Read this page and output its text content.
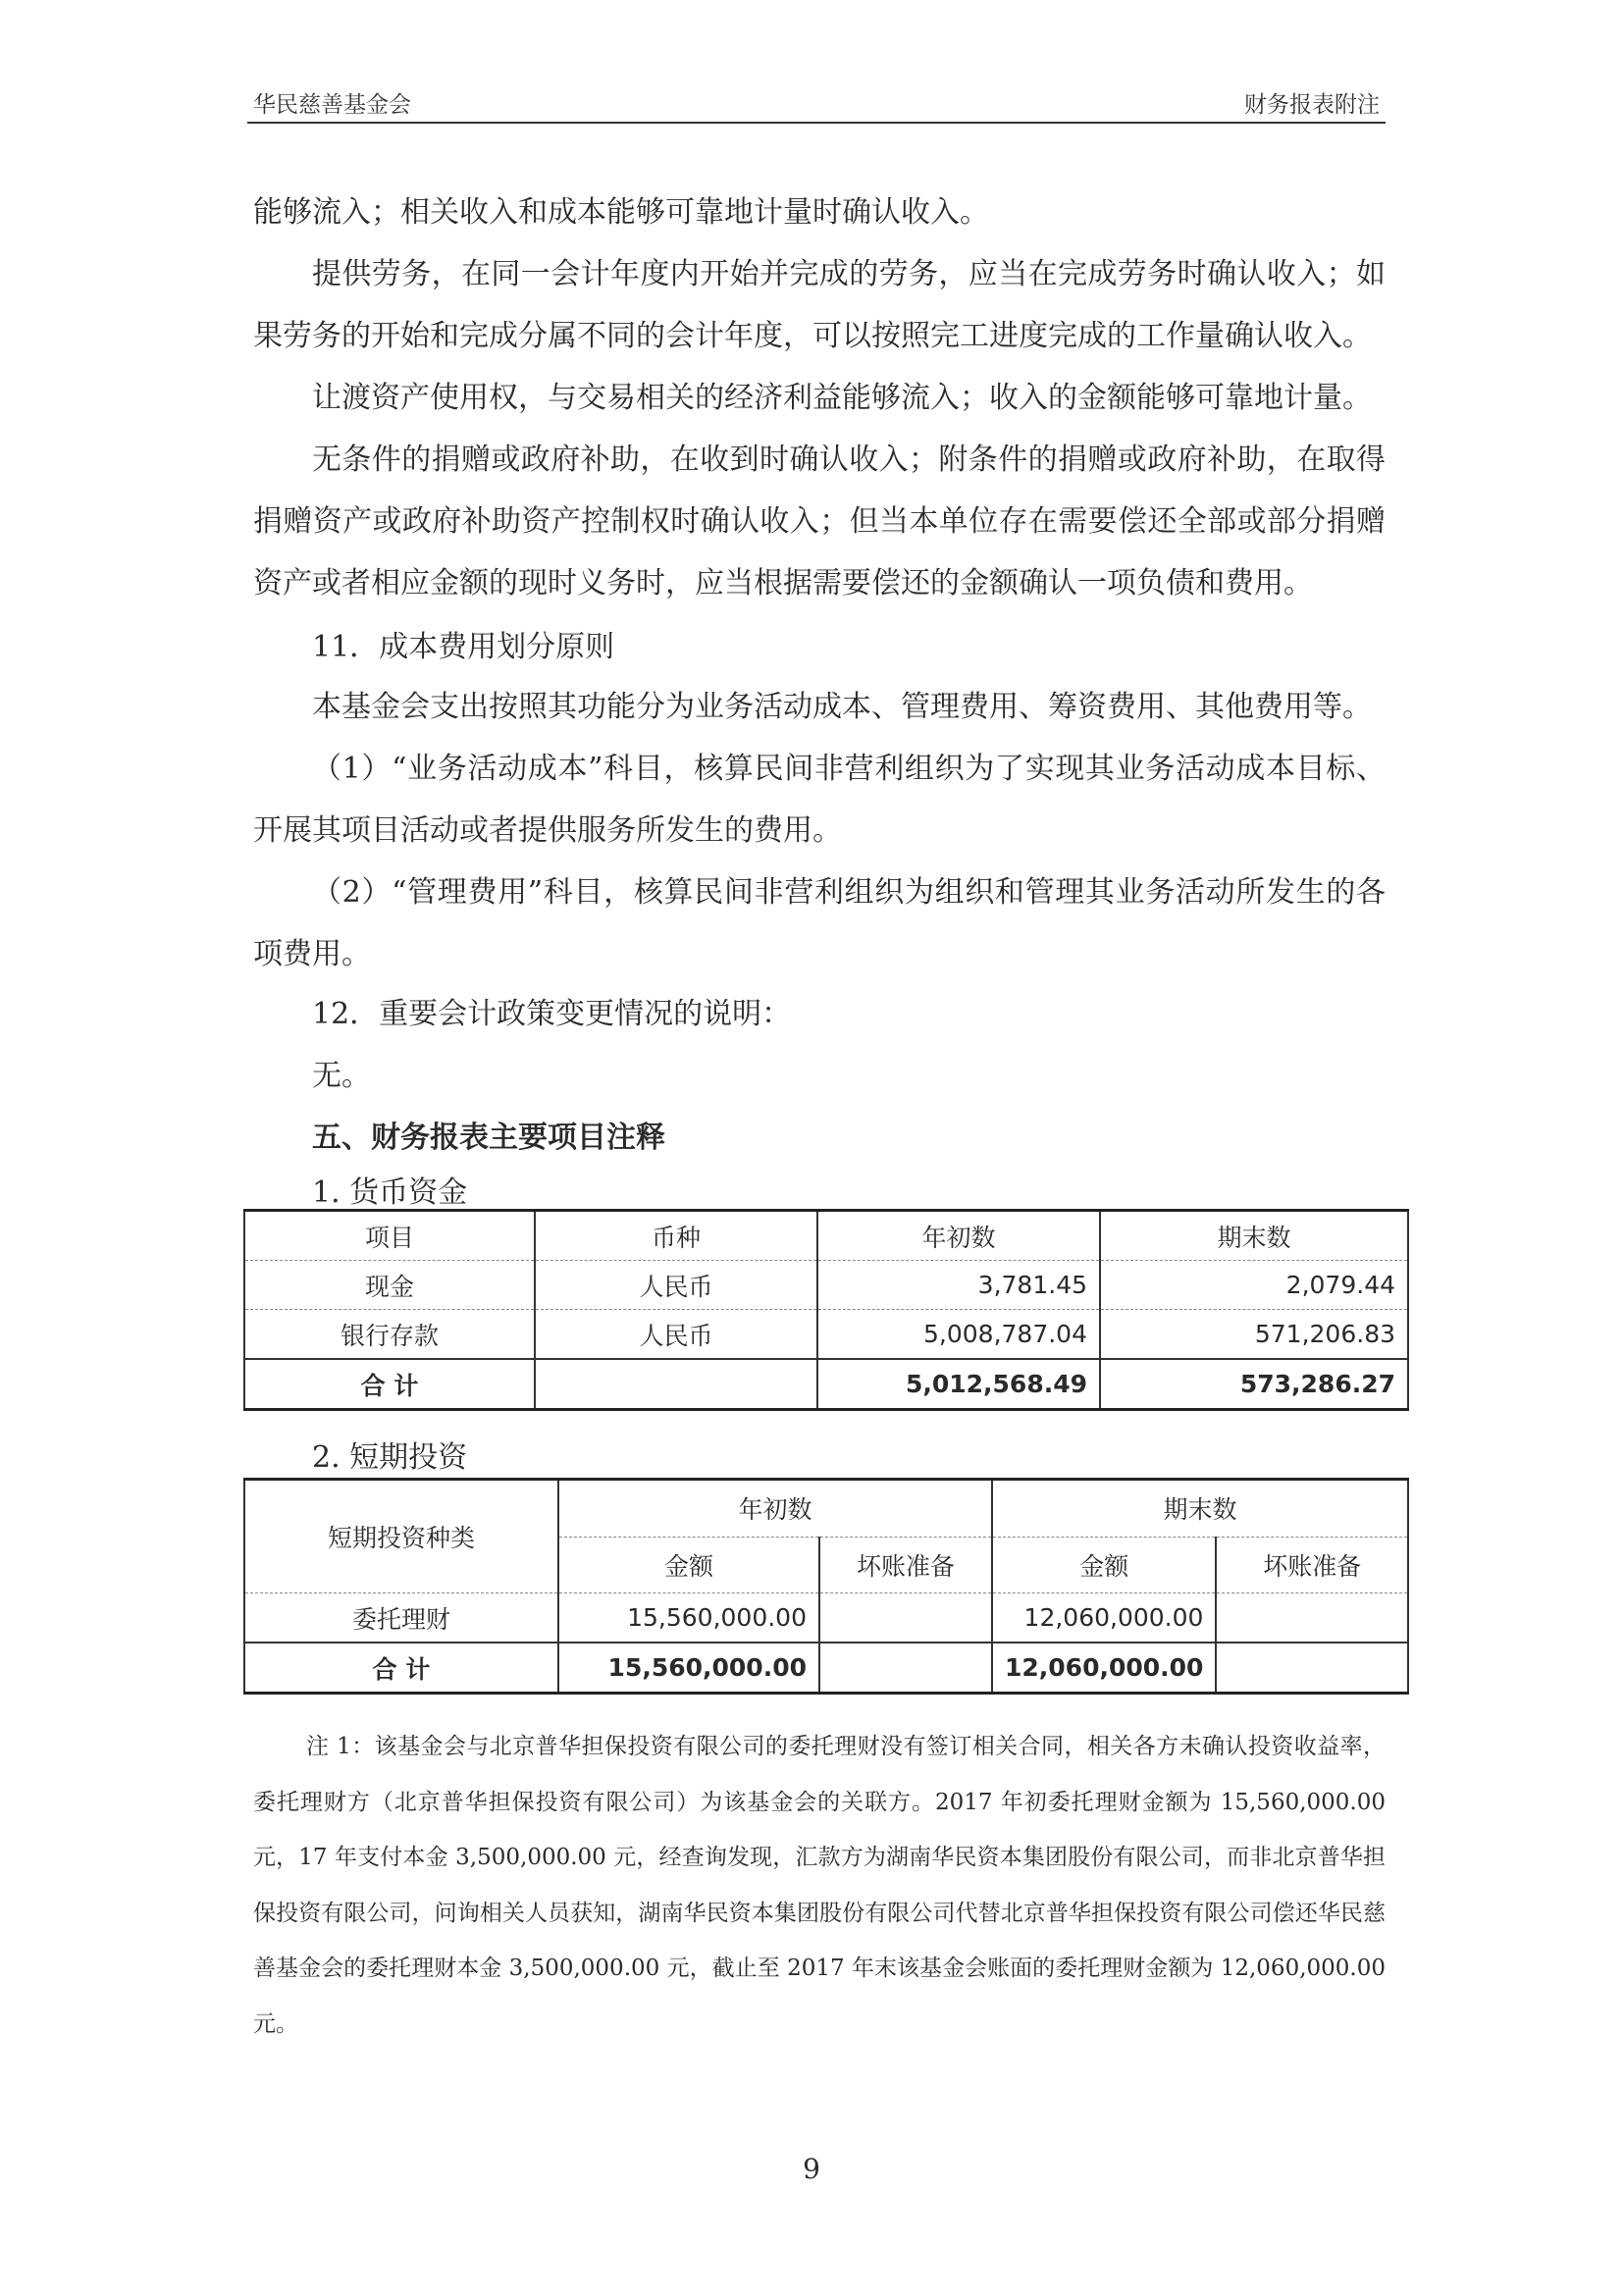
华民慈善基金会	财务报表附注

能够流入；相关收入和成本能够可靠地计量时确认收入。

提供劳务，在同一会计年度内开始并完成的劳务，应当在完成劳务时确认收入；如果劳务的开始和完成分属不同的会计年度，可以按照完工进度完成的工作量确认收入。

让渡资产使用权，与交易相关的经济利益能够流入；收入的金额能够可靠地计量。

无条件的捐赠或政府补助，在收到时确认收入；附条件的捐赠或政府补助，在取得捐赠资产或政府补助资产控制权时确认收入；但当本单位存在需要偿还全部或部分捐赠资产或者相应金额的现时义务时，应当根据需要偿还的金额确认一项负债和费用。

11．成本费用划分原则

本基金会支出按照其功能分为业务活动成本、管理费用、筹资费用、其他费用等。

（1）“业务活动成本”科目，核算民间非营利组织为了实现其业务活动成本目标、开展其项目活动或者提供服务所发生的费用。

（2）“管理费用”科目，核算民间非营利组织为组织和管理其业务活动所发生的各项费用。

12．重要会计政策变更情况的说明：

无。

五、财务报表主要项目注释

1. 货币资金

项目	币种	年初数	期末数
现金	人民币	3,781.45	2,079.44
银行存款	人民币	5,008,787.04	571,206.83
合 计		5,012,568.49	573,286.27

2. 短期投资

短期投资种类	年初数		期末数	
	金额	坏账准备	金额	坏账准备
委托理财	15,560,000.00		12,060,000.00	
合 计	15,560,000.00		12,060,000.00	

注 1：该基金会与北京普华担保投资有限公司的委托理财没有签订相关合同，相关各方未确认投资收益率，委托理财方（北京普华担保投资有限公司）为该基金会的关联方。2017 年初委托理财金额为 15,560,000.00 元，17 年支付本金 3,500,000.00 元，经查询发现，汇款方为湖南华民资本集团股份有限公司，而非北京普华担保投资有限公司，问询相关人员获知，湖南华民资本集团股份有限公司代替北京普华担保投资有限公司偿还华民慈善基金会的委托理财本金 3,500,000.00 元，截止至 2017 年末该基金会账面的委托理财金额为 12,060,000.00 元。

9
